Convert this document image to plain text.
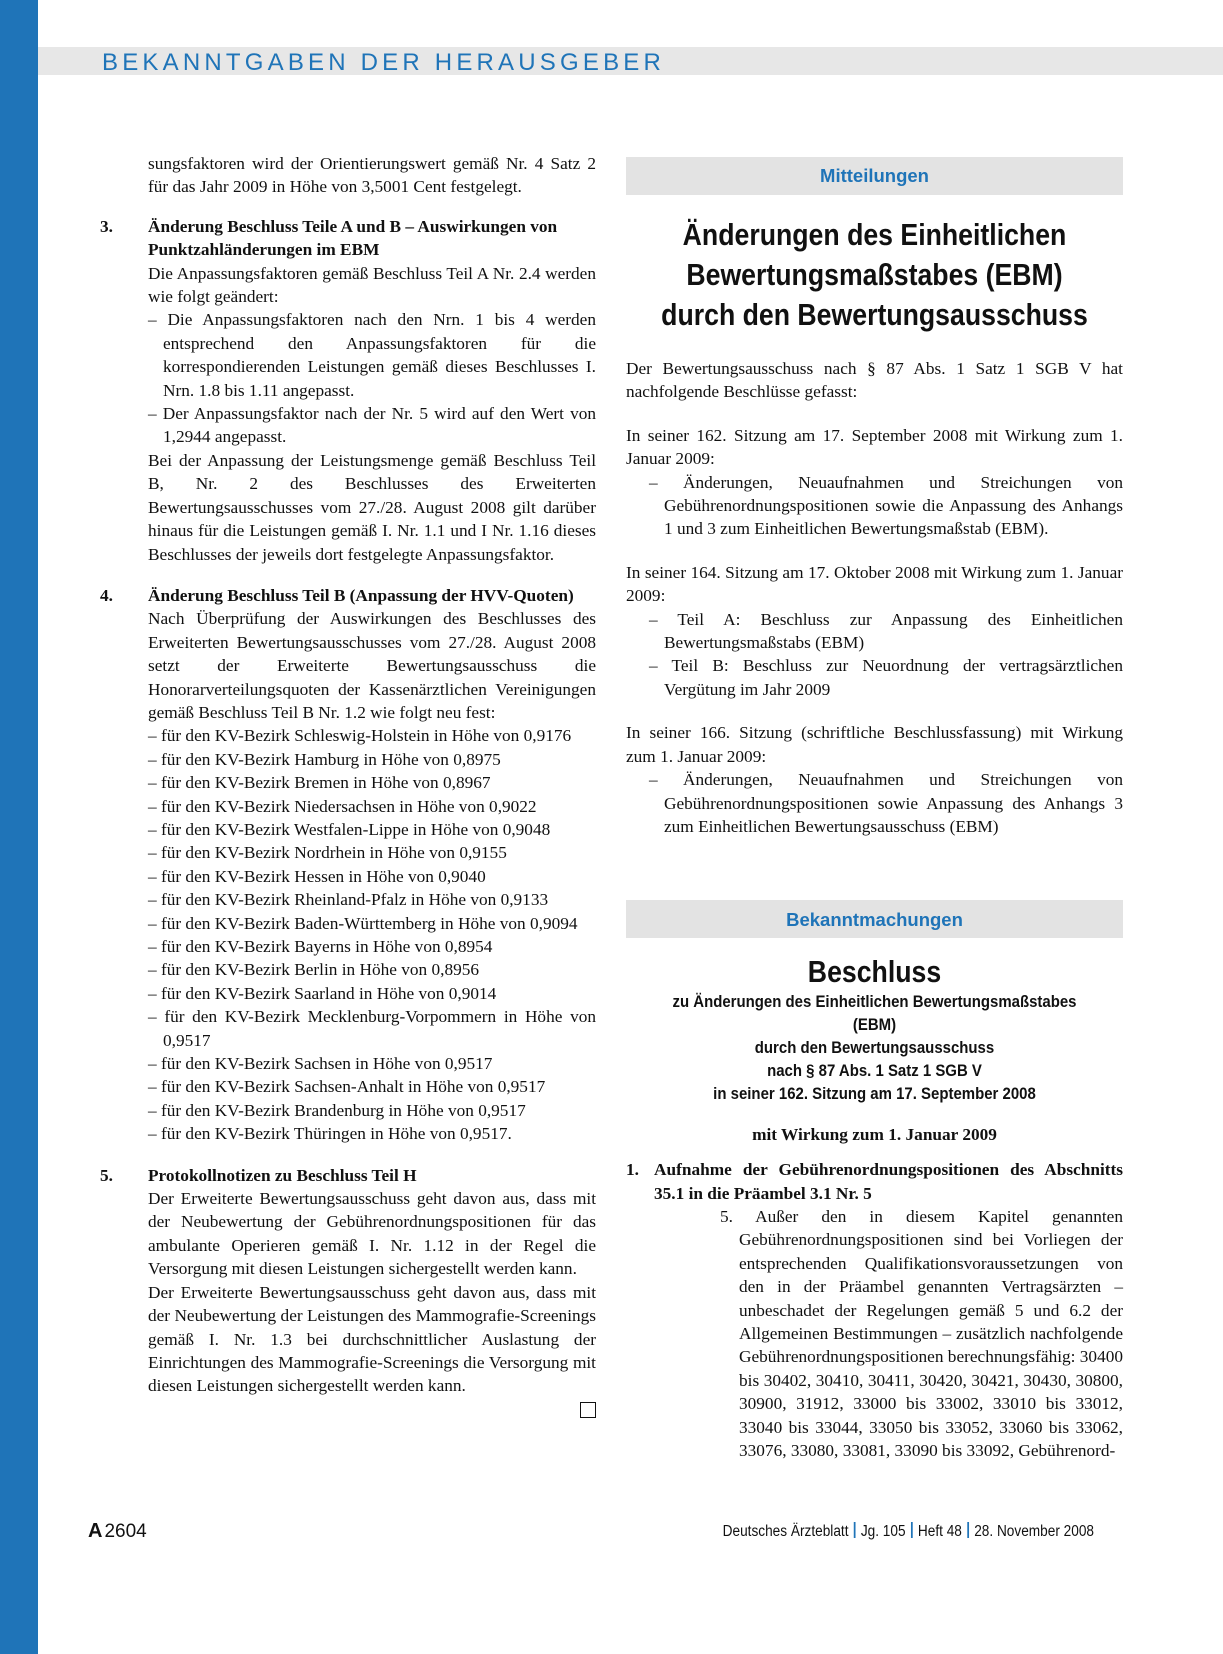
BEKANNTGABEN DER HERAUSGEBER

sungsfaktoren wird der Orientierungswert gemäß Nr. 4 Satz 2 für das Jahr 2009 in Höhe von 3,5001 Cent festgelegt.

3. Änderung Beschluss Teile A und B – Auswirkungen von Punktzahländerungen im EBM
Die Anpassungsfaktoren gemäß Beschluss Teil A Nr. 2.4 werden wie folgt geändert:
– Die Anpassungsfaktoren nach den Nrn. 1 bis 4 werden entsprechend den Anpassungsfaktoren für die korrespondierenden Leistungen gemäß dieses Beschlusses I. Nrn. 1.8 bis 1.11 angepasst.
– Der Anpassungsfaktor nach der Nr. 5 wird auf den Wert von 1,2944 angepasst.
Bei der Anpassung der Leistungsmenge gemäß Beschluss Teil B, Nr. 2 des Beschlusses des Erweiterten Bewertungsausschusses vom 27./28. August 2008 gilt darüber hinaus für die Leistungen gemäß I. Nr. 1.1 und I Nr. 1.16 dieses Beschlusses der jeweils dort festgelegte Anpassungsfaktor.
4. Änderung Beschluss Teil B (Anpassung der HVV-Quoten)
Nach Überprüfung der Auswirkungen des Beschlusses des Erweiterten Bewertungsausschusses vom 27./28. August 2008 setzt der Erweiterte Bewertungsausschuss die Honorarverteilungsquoten der Kassenärztlichen Vereinigungen gemäß Beschluss Teil B Nr. 1.2 wie folgt neu fest:
– für den KV-Bezirk Schleswig-Holstein in Höhe von 0,9176
– für den KV-Bezirk Hamburg in Höhe von 0,8975
– für den KV-Bezirk Bremen in Höhe von 0,8967
– für den KV-Bezirk Niedersachsen in Höhe von 0,9022
– für den KV-Bezirk Westfalen-Lippe in Höhe von 0,9048
– für den KV-Bezirk Nordrhein in Höhe von 0,9155
– für den KV-Bezirk Hessen in Höhe von 0,9040
– für den KV-Bezirk Rheinland-Pfalz in Höhe von 0,9133
– für den KV-Bezirk Baden-Württemberg in Höhe von 0,9094
– für den KV-Bezirk Bayerns in Höhe von 0,8954
– für den KV-Bezirk Berlin in Höhe von 0,8956
– für den KV-Bezirk Saarland in Höhe von 0,9014
– für den KV-Bezirk Mecklenburg-Vorpommern in Höhe von 0,9517
– für den KV-Bezirk Sachsen in Höhe von 0,9517
– für den KV-Bezirk Sachsen-Anhalt in Höhe von 0,9517
– für den KV-Bezirk Brandenburg in Höhe von 0,9517
– für den KV-Bezirk Thüringen in Höhe von 0,9517.
5. Protokollnotizen zu Beschluss Teil H
Der Erweiterte Bewertungsausschuss geht davon aus, dass mit der Neubewertung der Gebührenordnungspositionen für das ambulante Operieren gemäß I. Nr. 1.12 in der Regel die Versorgung mit diesen Leistungen sichergestellt werden kann.
Der Erweiterte Bewertungsausschuss geht davon aus, dass mit der Neubewertung der Leistungen des Mammografie-Screenings gemäß I. Nr. 1.3 bei durchschnittlicher Auslastung der Einrichtungen des Mammografie-Screenings die Versorgung mit diesen Leistungen sichergestellt werden kann.
Mitteilungen
Änderungen des Einheitlichen
Bewertungsmaßstabes (EBM)
durch den Bewertungsausschuss
Der Bewertungsausschuss nach § 87 Abs. 1 Satz 1 SGB V hat nachfolgende Beschlüsse gefasst:
In seiner 162. Sitzung am 17. September 2008 mit Wirkung zum 1. Januar 2009:
– Änderungen, Neuaufnahmen und Streichungen von Gebührenordnungspositionen sowie die Anpassung des Anhangs 1 und 3 zum Einheitlichen Bewertungsmaßstab (EBM).
In seiner 164. Sitzung am 17. Oktober 2008 mit Wirkung zum 1. Januar 2009:
– Teil A: Beschluss zur Anpassung des Einheitlichen Bewertungsmaßstabs (EBM)
– Teil B: Beschluss zur Neuordnung der vertragsärztlichen Vergütung im Jahr 2009
In seiner 166. Sitzung (schriftliche Beschlussfassung) mit Wirkung zum 1. Januar 2009:
– Änderungen, Neuaufnahmen und Streichungen von Gebührenordnungspositionen sowie Anpassung des Anhangs 3 zum Einheitlichen Bewertungsausschuss (EBM)
Bekanntmachungen
Beschluss
zu Änderungen des Einheitlichen Bewertungsmaßstabes (EBM)
durch den Bewertungsausschuss
nach § 87 Abs. 1 Satz 1 SGB V
in seiner 162. Sitzung am 17. September 2008
mit Wirkung zum 1. Januar 2009
1. Aufnahme der Gebührenordnungspositionen des Abschnitts 35.1 in die Präambel 3.1 Nr. 5
5. Außer den in diesem Kapitel genannten Gebührenordnungspositionen sind bei Vorliegen der entsprechenden Qualifikationsvoraussetzungen von den in der Präambel genannten Vertragsärzten – unbeschadet der Regelungen gemäß 5 und 6.2 der Allgemeinen Bestimmungen – zusätzlich nachfolgende Gebührenordnungspositionen berechnungsfähig: 30400 bis 30402, 30410, 30411, 30420, 30421, 30430, 30800, 30900, 31912, 33000 bis 33002, 33010 bis 33012, 33040 bis 33044, 33050 bis 33052, 33060 bis 33062, 33076, 33080, 33081, 33090 bis 33092, Gebührenord-
A 2604	Deutsches Ärzteblatt Jg. 105 Heft 48 28. November 2008
